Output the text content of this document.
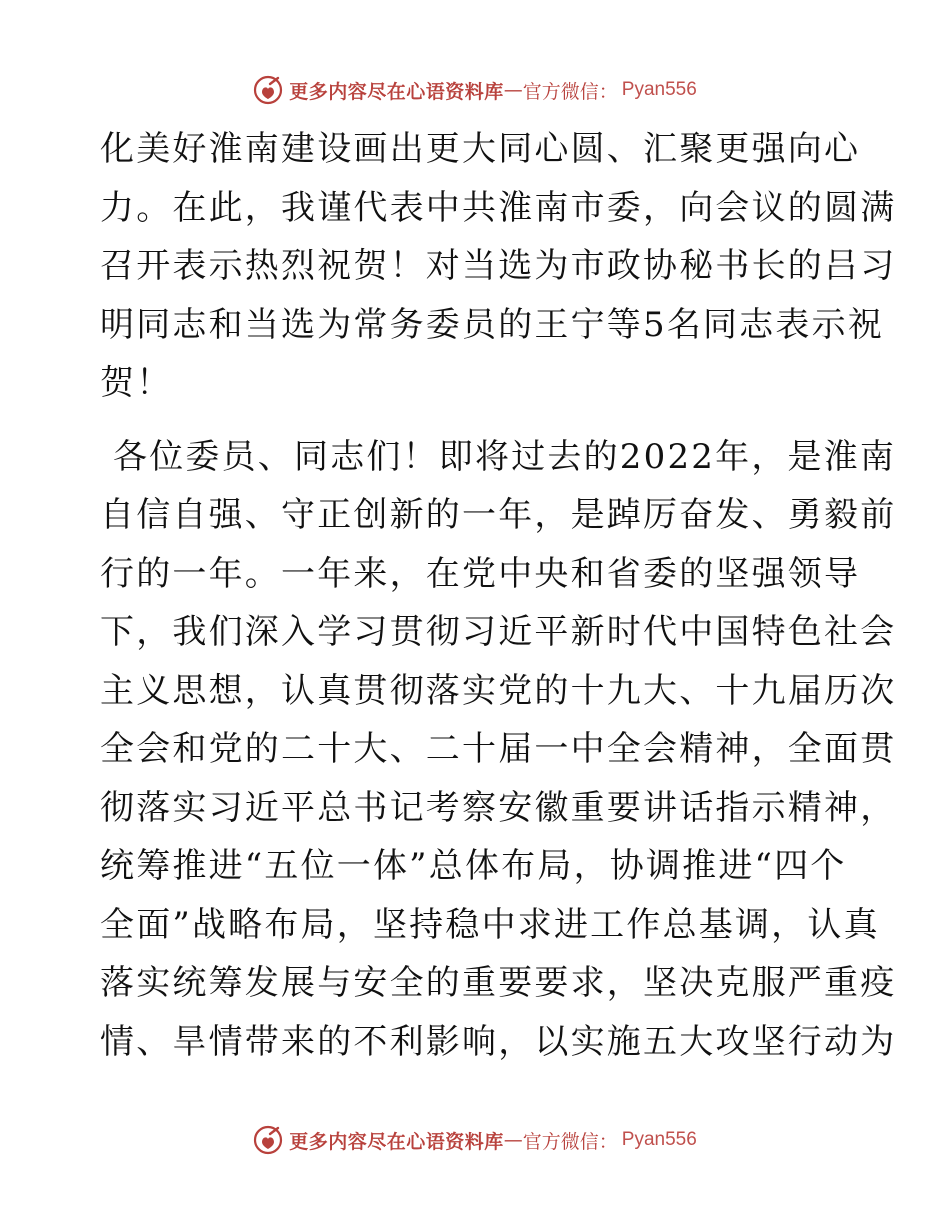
更多内容尽在心语资料库 — 官方微信 ： Pyan556
化美好淮南建设画出更大同心圆、汇聚更强向心
力。在此，我谨代表中共淮南市委，向会议的圆满
召开表示热烈祝贺！对当选为市政协秘书长的吕习
明同志和当选为常务委员的王宁等5名同志表示祝
贺！
各位委员、同志们！即将过去的2022年，是淮南
自信自强、守正创新的一年，是踔厉奋发、勇毅前
行的一年。一年来，在党中央和省委的坚强领导
下，我们深入学习贯彻习近平新时代中国特色社会
主义思想，认真贯彻落实党的十九大、十九届历次
全会和党的二十大、二十届一中全会精神，全面贯
彻落实习近平总书记考察安徽重要讲话指示精神，
统筹推进“五位一体”总体布局，协调推进“四个
全面”战略布局，坚持稳中求进工作总基调，认真
落实统筹发展与安全的重要要求，坚决克服严重疫
情、旱情带来的不利影响，以实施五大攻坚行动为
更多内容尽在心语资料库 — 官方微信 ： Pyan556
